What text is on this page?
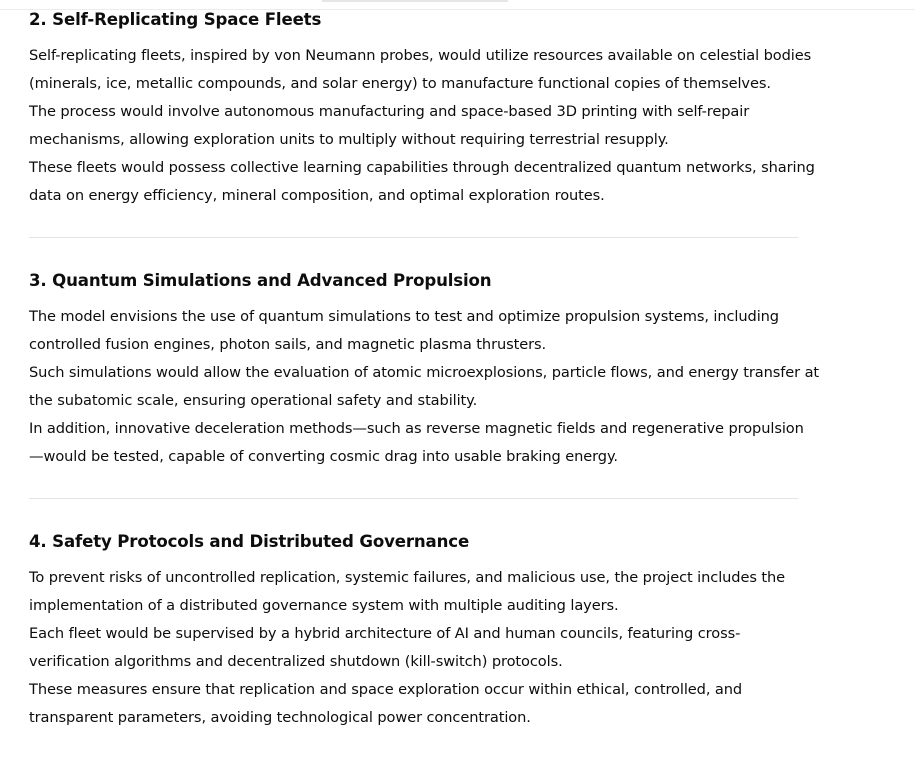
2. Self-Replicating Space Fleets

Self-replicating fleets, inspired by von Neumann probes, would utilize resources available on celestial bodies

(minerals, ice, metallic compounds, and solar energy) to manufacture functional copies of themselves.

The process would involve autonomous manufacturing and space-based 3D printing with self-repair

mechanisms, allowing exploration units to multiply without requiring terrestrial resupply.

These fleets would possess collective learning capabilities through decentralized quantum networks, sharing

data on energy efficiency, mineral composition, and optimal exploration routes.

3. Quantum Simulations and Advanced Propulsion

The model envisions the use of quantum simulations to test and optimize propulsion systems, including

controlled fusion engines, photon sails, and magnetic plasma thrusters.

Such simulations would allow the evaluation of atomic microexplosions, particle flows, and energy transfer at

the subatomic scale, ensuring operational safety and stability.

In addition, innovative deceleration methods—such as reverse magnetic fields and regenerative propulsion

—would be tested, capable of converting cosmic drag into usable braking energy.

4. Safety Protocols and Distributed Governance

To prevent risks of uncontrolled replication, systemic failures, and malicious use, the project includes the

implementation of a distributed governance system with multiple auditing layers.

Each fleet would be supervised by a hybrid architecture of AI and human councils, featuring cross-

verification algorithms and decentralized shutdown (kill-switch) protocols.

These measures ensure that replication and space exploration occur within ethical, controlled, and

transparent parameters, avoiding technological power concentration.
